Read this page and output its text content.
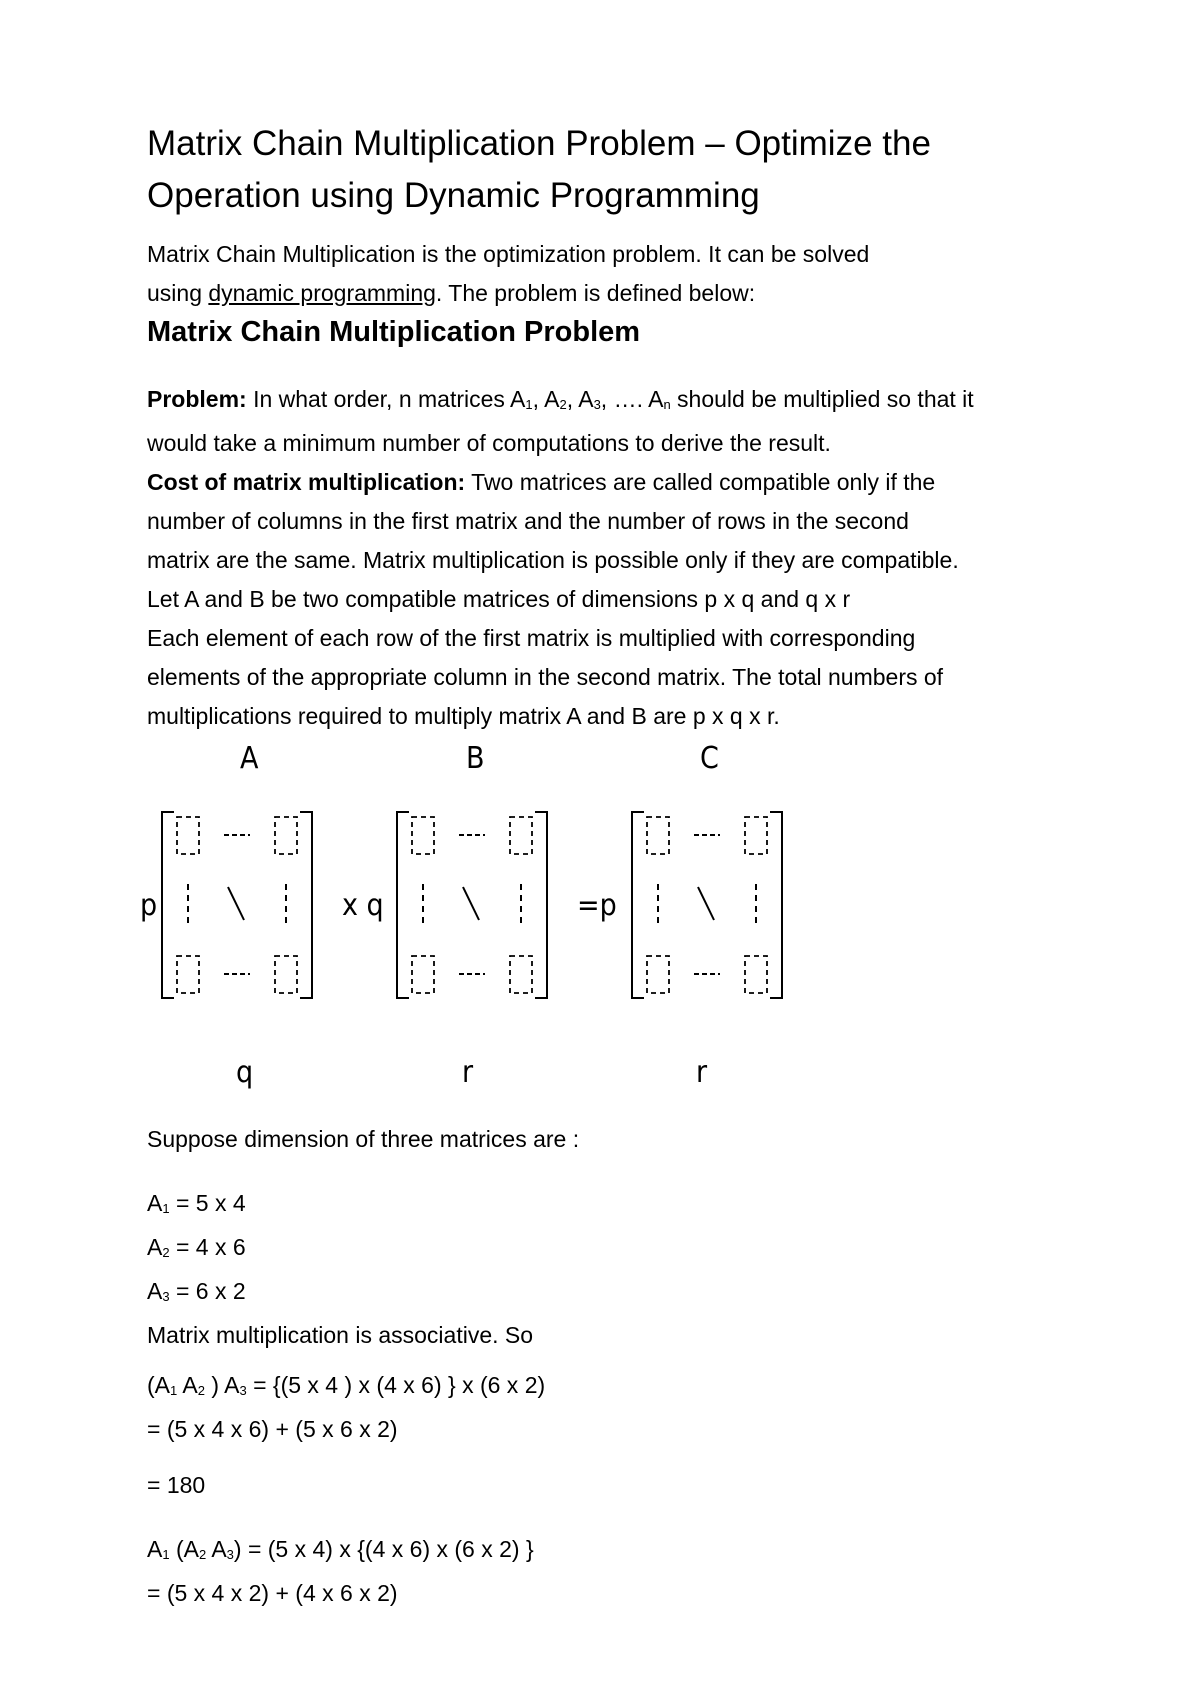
Matrix Chain Multiplication Problem – Optimize the
Operation using Dynamic Programming
Matrix Chain Multiplication is the optimization problem. It can be solved
using dynamic programming. The problem is defined below:
Matrix Chain Multiplication Problem
Problem: In what order, n matrices A1, A2, A3, …. An should be multiplied so that it
would take a minimum number of computations to derive the result.
Cost of matrix multiplication: Two matrices are called compatible only if the
number of columns in the first matrix and the number of rows in the second
matrix are the same. Matrix multiplication is possible only if they are compatible.
Let A and B be two compatible matrices of dimensions p x q and q x r
Each element of each row of the first matrix is multiplied with corresponding
elements of the appropriate column in the second matrix. The total numbers of
multiplications required to multiply matrix A and B are p x q x r.
A	B	C
p	x q	=p
q	r	r
Suppose dimension of three matrices are :
A1 = 5 x 4
A2 = 4 x 6
A3 = 6 x 2
Matrix multiplication is associative. So
(A1 A2 ) A3 = {(5 x 4 ) x (4 x 6) } x (6 x 2)
= (5 x 4 x 6) + (5 x 6 x 2)
= 180
A1 (A2 A3) = (5 x 4) x {(4 x 6) x (6 x 2) }
= (5 x 4 x 2) + (4 x 6 x 2)
